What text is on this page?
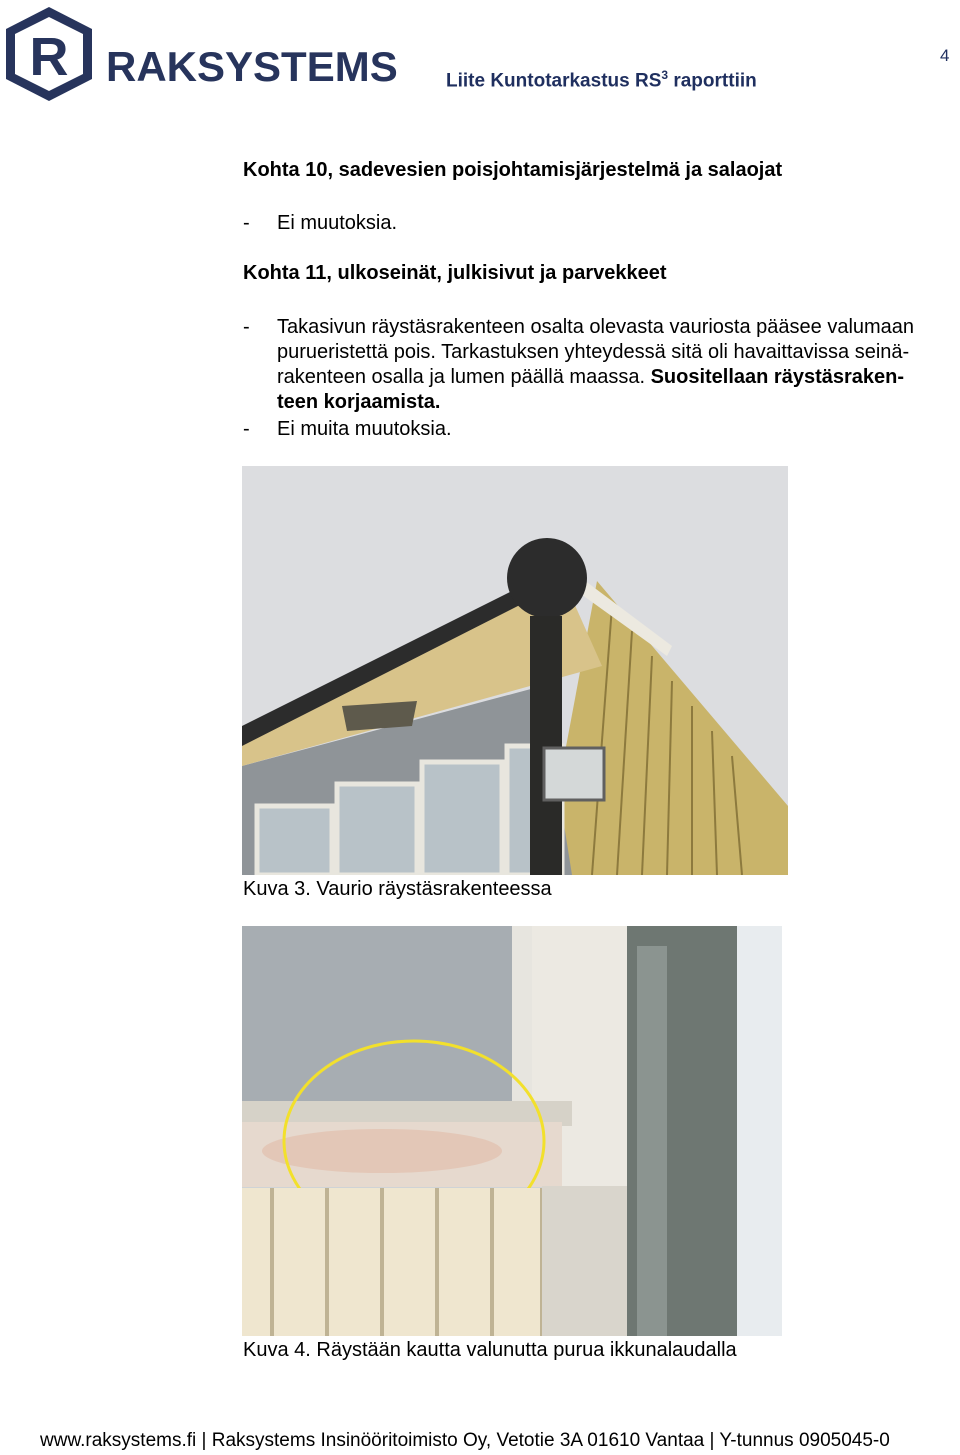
R RAKSYSTEMS	Liite Kuntotarkastus $RS^3$ raporttiin
4
Kohta 10, sadevesien poisjohtamisjärjestelmä ja salaojat
- Ei muutoksia.
Kohta 11, ulkoseinät, julkisivut ja parvekkeet
- Takasivun räystäsrakenteen osalta olevasta vauriosta pääsee valumaan
purueristettä pois. Tarkastuksen yhteydessä sitä oli havaittavissa seinä-
rakenteen osalla ja lumen päällä maassa. Suositellaan räystäsraken-
teen korjaamista.
- Ei muita muutoksia.
Kuva 3. Vaurio räystäsrakenteessa
Kuva 4. Räystään kautta valunutta purua ikkunalaudalla
www.raksystems.fi | Raksystems Insinööritoimisto Oy, Vetotie 3A 01610 Vantaa | Y-tunnus 0905045-0
